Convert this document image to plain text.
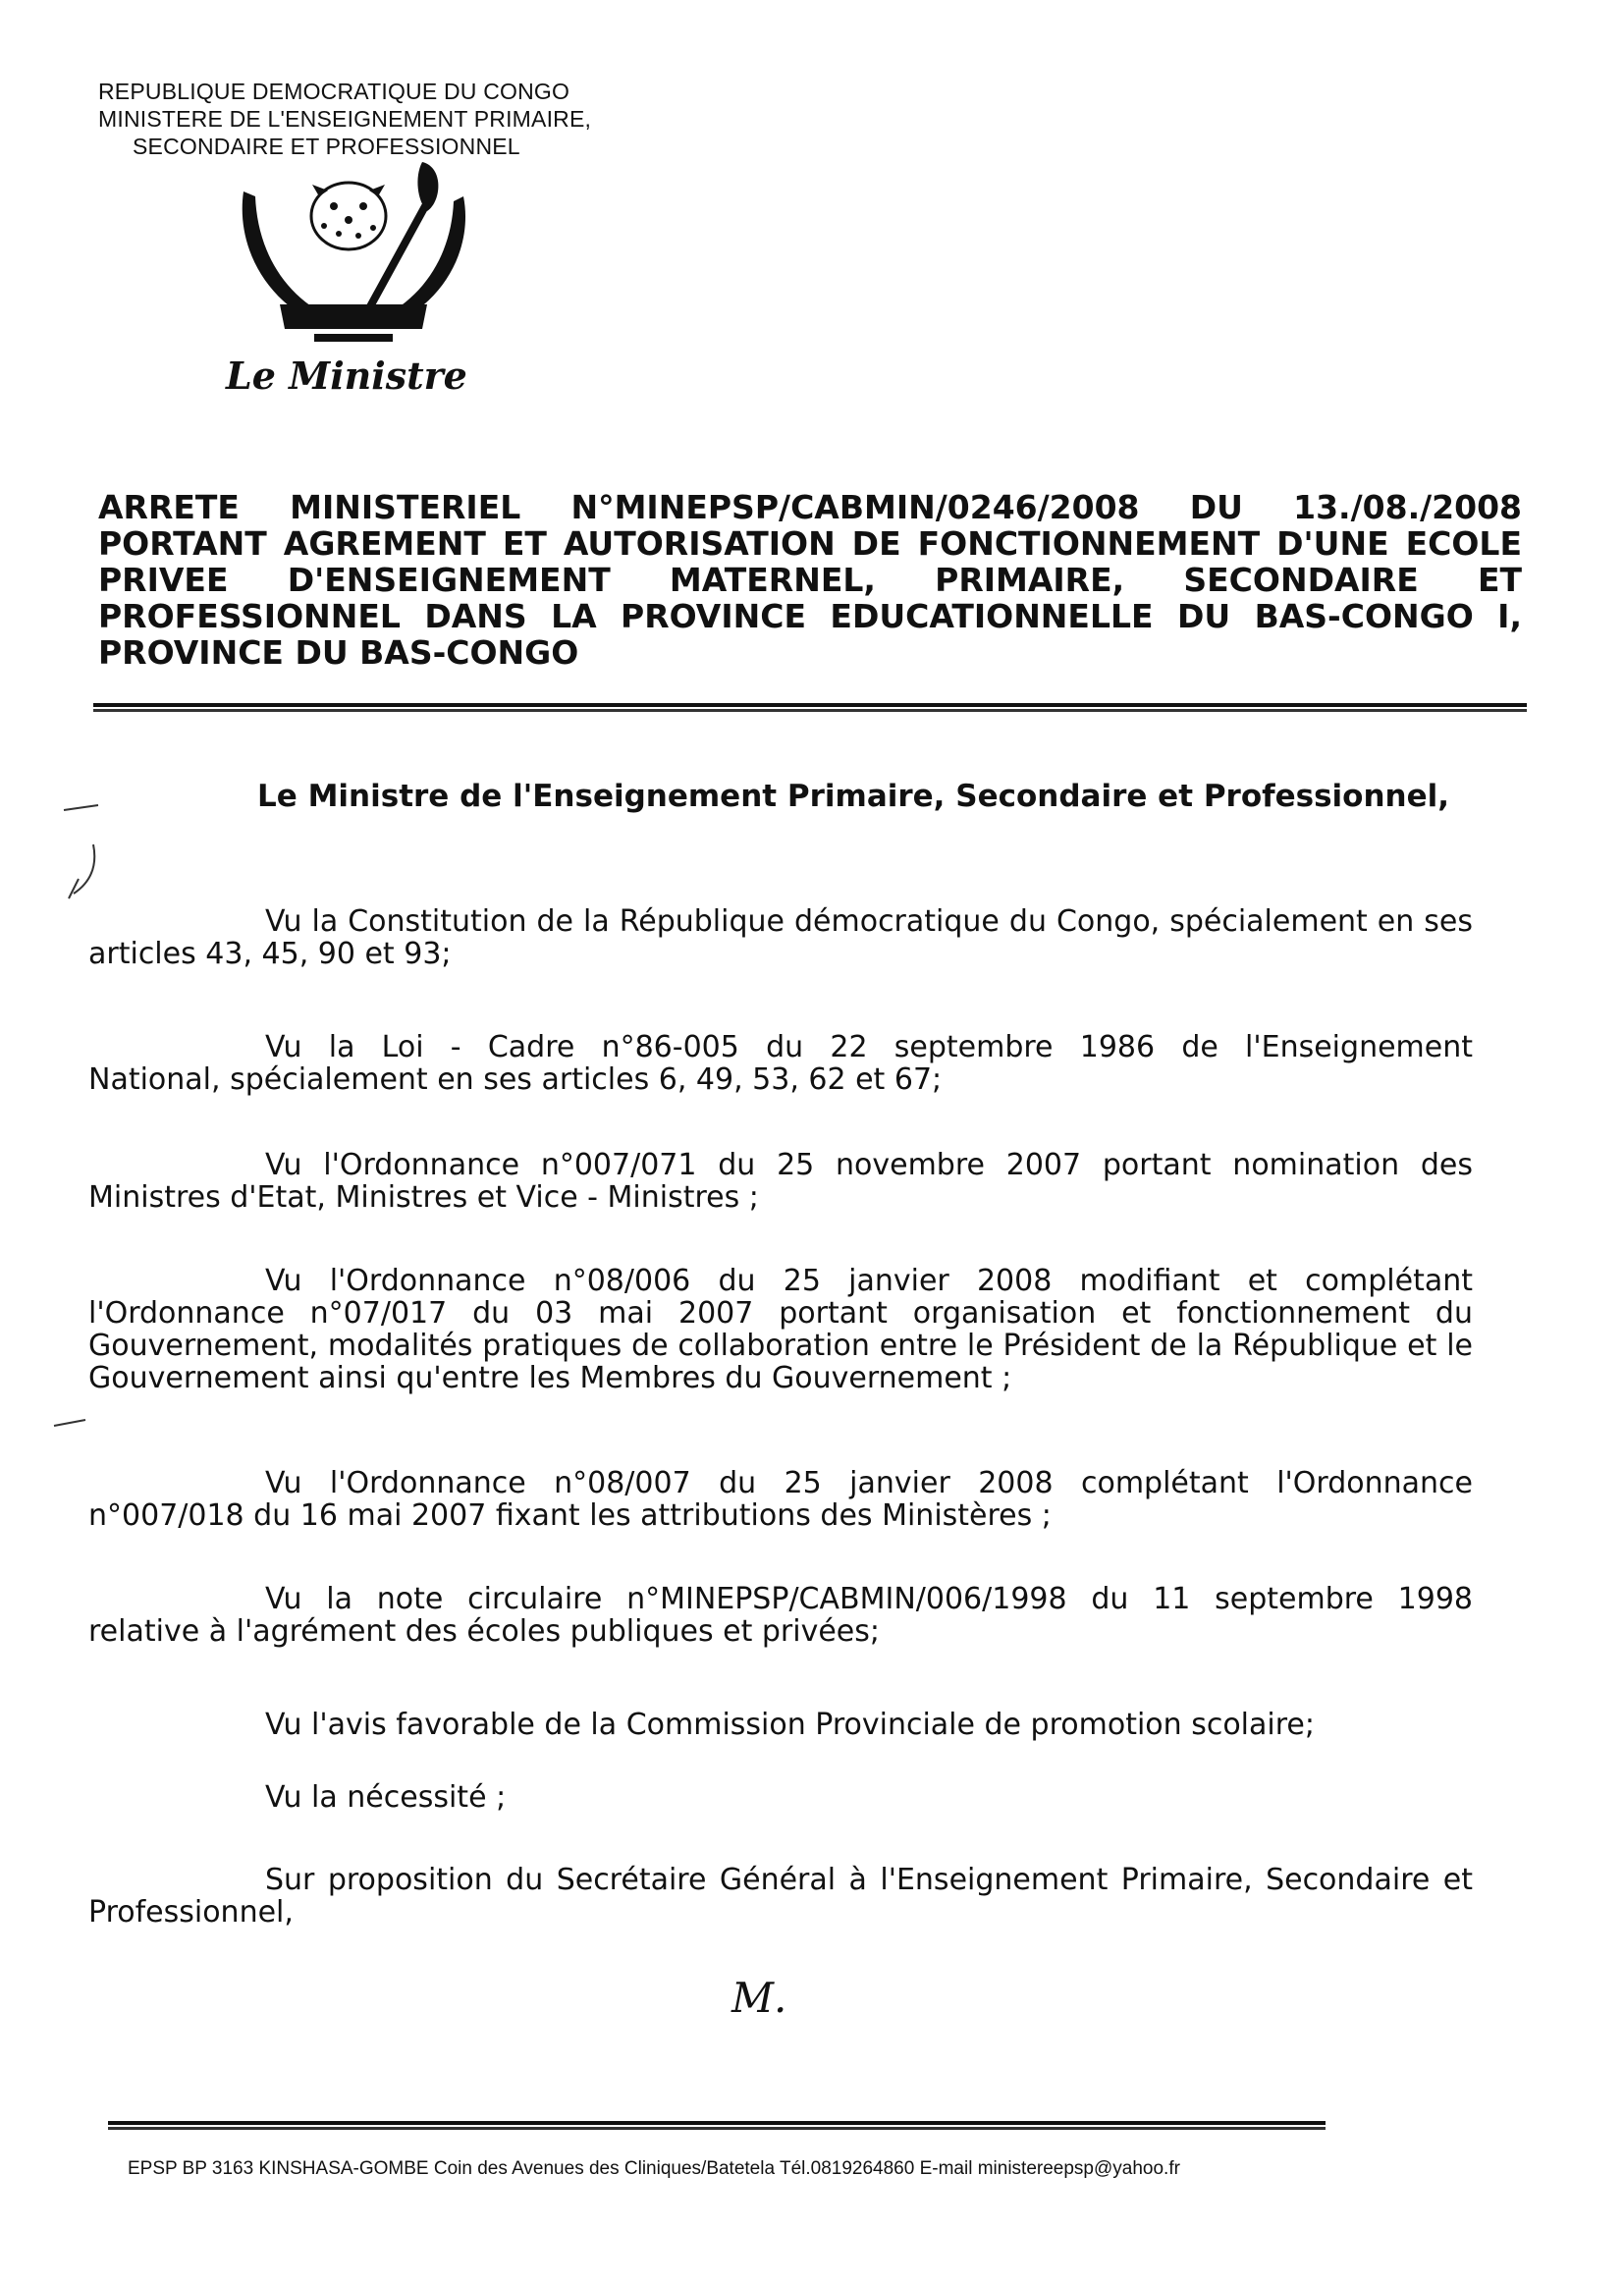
REPUBLIQUE DEMOCRATIQUE DU CONGO
MINISTERE DE L'ENSEIGNEMENT PRIMAIRE,
SECONDAIRE ET PROFESSIONNEL
Le Ministre
ARRETE MINISTERIEL N°MINEPSP/CABMIN/0246/2008 DU 13./08./2008
PORTANT AGREMENT ET AUTORISATION DE FONCTIONNEMENT D'UNE ECOLE
PRIVEE D'ENSEIGNEMENT MATERNEL, PRIMAIRE, SECONDAIRE ET
PROFESSIONNEL DANS LA PROVINCE EDUCATIONNELLE DU BAS-CONGO I,
PROVINCE DU BAS-CONGO
Le Ministre de l'Enseignement Primaire, Secondaire et Professionnel,
Vu la Constitution de la République démocratique du Congo, spécialement en ses
articles 43, 45, 90 et 93;
Vu la Loi - Cadre n°86-005 du 22 septembre 1986 de l'Enseignement
National, spécialement en ses articles 6, 49, 53, 62 et 67;
Vu l'Ordonnance n°007/071 du 25 novembre 2007 portant nomination des
Ministres d'Etat, Ministres et Vice - Ministres ;
Vu l'Ordonnance n°08/006 du 25 janvier 2008 modifiant et complétant
l'Ordonnance n°07/017 du 03 mai 2007 portant organisation et fonctionnement du
Gouvernement, modalités pratiques de collaboration entre le Président de la République et le
Gouvernement ainsi qu'entre les Membres du Gouvernement ;
Vu l'Ordonnance n°08/007 du 25 janvier 2008 complétant l'Ordonnance
n°007/018 du 16 mai 2007 fixant les attributions des Ministères ;
Vu la note circulaire n°MINEPSP/CABMIN/006/1998 du 11 septembre 1998
relative à l'agrément des écoles publiques et privées;
Vu l'avis favorable de la Commission Provinciale de promotion scolaire;
Vu la nécessité ;
Sur proposition du Secrétaire Général à l'Enseignement Primaire, Secondaire et
Professionnel,
M.
EPSP BP 3163 KINSHASA-GOMBE Coin des Avenues des Cliniques/Batetela Tél.0819264860 E-mail ministereepsp@yahoo.fr
